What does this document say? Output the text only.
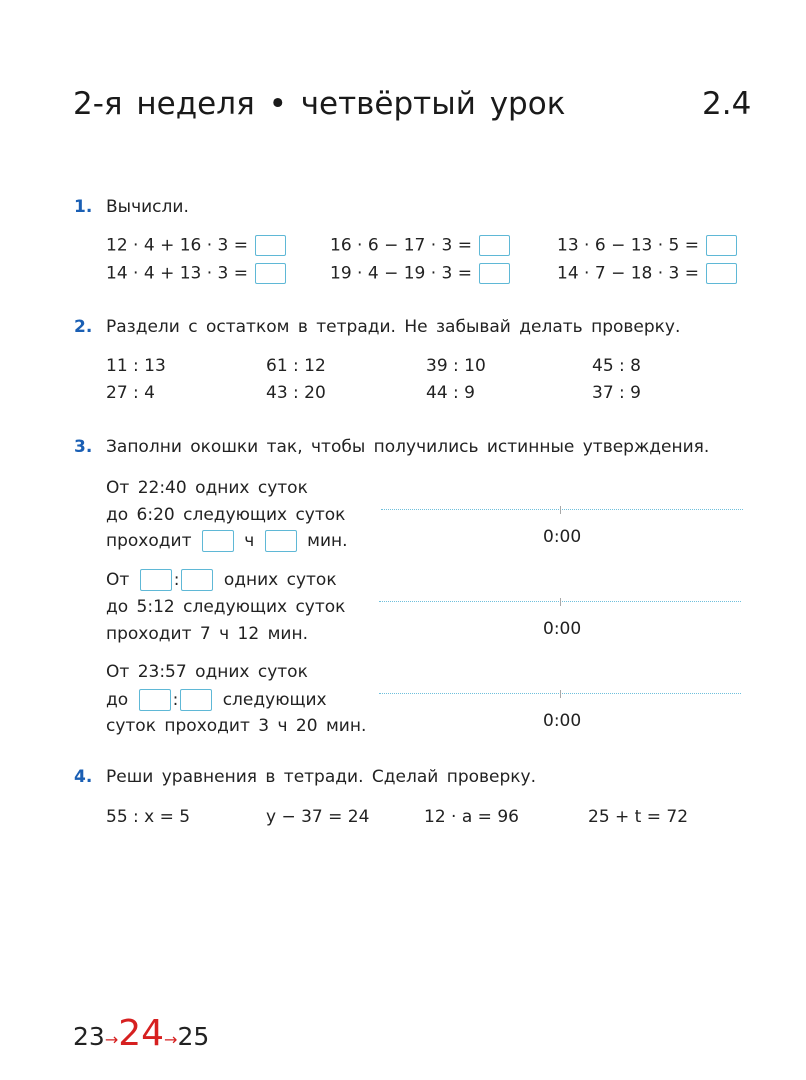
2-я неделя • четвёртый урок	2.4
1. Вычисли.
12 · 4 + 16 · 3 =	16 · 6 − 17 · 3 =	13 · 6 − 13 · 5 =
14 · 4 + 13 · 3 =	19 · 4 − 19 · 3 =	14 · 7 − 18 · 3 =
2. Раздели с остатком в тетради. Не забывай делать проверку.
11 : 13	61 : 12	39 : 10	45 : 8
27 : 4	43 : 20	44 : 9	37 : 9
3. Заполни окошки так, чтобы получились истинные утверждения.
От 22:40 одних суток
до 6:20 следующих суток
проходит	ч	мин.	0:00
От	:	одних суток
до 5:12 следующих суток
проходит 7 ч 12 мин.	0:00
От 23:57 одних суток
до	:	следующих
суток проходит 3 ч 20 мин.	0:00
4. Реши уравнения в тетради. Сделай проверку.
55 : x = 5	y − 37 = 24	12 · a = 96	25 + t = 72
23→24→25
